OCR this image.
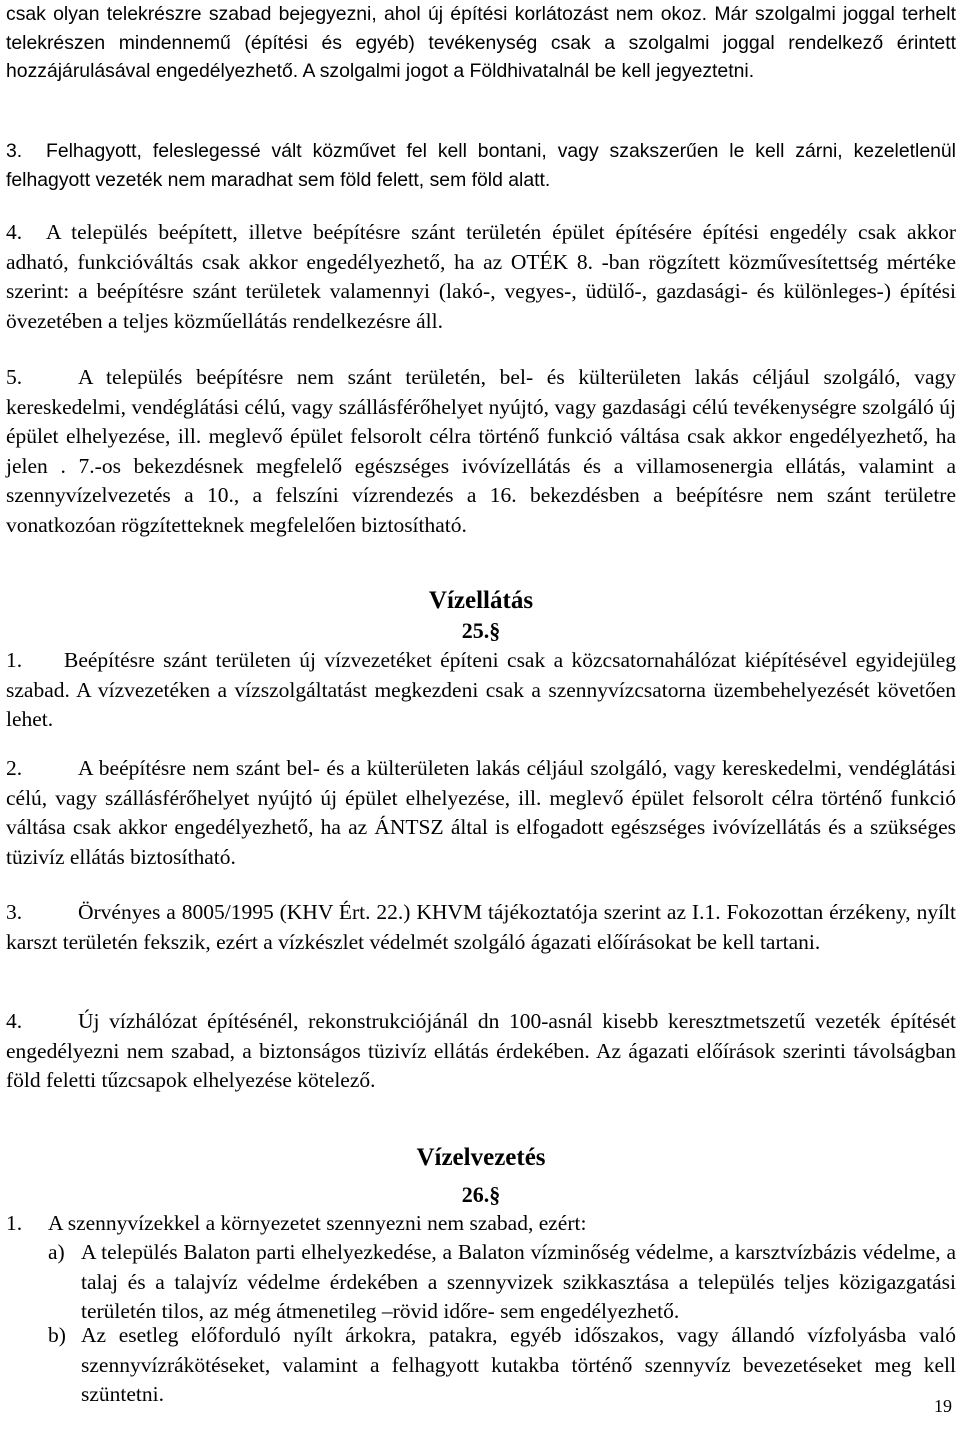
csak olyan telekrészre szabad bejegyezni, ahol új építési korlátozást nem okoz. Már szolgalmi joggal terhelt telekrészen mindennemű (építési és egyéb) tevékenység csak a szolgalmi joggal rendelkező érintett hozzájárulásával engedélyezhető. A szolgalmi jogot a Földhivatalnál be kell jegyeztetni.

3. Felhagyott, feleslegessé vált közművet fel kell bontani, vagy szakszerűen le kell zárni, kezeletlenül felhagyott vezeték nem maradhat sem föld felett, sem föld alatt.

4. A település beépített, illetve beépítésre szánt területén épület építésére építési engedély csak akkor adható, funkcióváltás csak akkor engedélyezhető, ha az OTÉK 8. -ban rögzített közművesítettség mértéke szerint: a beépítésre szánt területek valamennyi (lakó-, vegyes-, üdülő-, gazdasági- és különleges-) építési övezetében a teljes közműellátás rendelkezésre áll.

5.	A település beépítésre nem szánt területén, bel- és külterületen lakás céljául szolgáló, vagy kereskedelmi, vendéglátási célú, vagy szállásférőhelyet nyújtó, vagy gazdasági célú tevékenységre szolgáló új épület elhelyezése, ill. meglevő épület felsorolt célra történő funkció váltása csak akkor engedélyezhető, ha jelen . 7.-os bekezdésnek megfelelő egészséges ivóvízellátás és a villamosenergia ellátás, valamint a szennyvízelvezetés a 10., a felszíni vízrendezés a 16. bekezdésben a beépítésre nem szánt területre vonatkozóan rögzítetteknek megfelelően biztosítható.

Vízellátás
25.§

1. Beépítésre szánt területen új vízvezetéket építeni csak a közcsatornahálózat kiépítésével egyidejüleg szabad. A vízvezetéken a vízszolgáltatást megkezdeni csak a szennyvízcsatorna üzembehelyezését követően lehet.

2.	A beépítésre nem szánt bel- és a külterületen lakás céljául szolgáló, vagy kereskedelmi, vendéglátási célú, vagy szállásférőhelyet nyújtó új épület elhelyezése, ill. meglevő épület felsorolt célra történő funkció váltása csak akkor engedélyezhető, ha az ÁNTSZ által is elfogadott egészséges ivóvízellátás és a szükséges tüzivíz ellátás biztosítható.

3.	Örvényes a 8005/1995 (KHV Ért. 22.) KHVM tájékoztatója szerint az I.1. Fokozottan érzékeny, nyílt karszt területén fekszik, ezért a vízkészlet védelmét szolgáló ágazati előírásokat be kell tartani.

4.	Új vízhálózat építésénél, rekonstrukciójánál dn 100-asnál kisebb keresztmetszetű vezeték építését engedélyezni nem szabad, a biztonságos tüzivíz ellátás érdekében. Az ágazati előírások szerinti távolságban föld feletti tűzcsapok elhelyezése kötelező.

Vízelvezetés
26.§

1. A szennyvízekkel a környezetet szennyezni nem szabad, ezért:

a) A település Balaton parti elhelyezkedése, a Balaton vízminőség védelme, a karsztvízbázis védelme, a talaj és a talajvíz védelme érdekében a szennyvizek szikkasztása a település teljes közigazgatási területén tilos, az még átmenetileg –rövid időre- sem engedélyezhető.

b) Az esetleg előforduló nyílt árkokra, patakra, egyéb időszakos, vagy állandó vízfolyásba való szennyvízrákötéseket, valamint a felhagyott kutakba történő szennyvíz bevezetéseket meg kell szüntetni.	19
